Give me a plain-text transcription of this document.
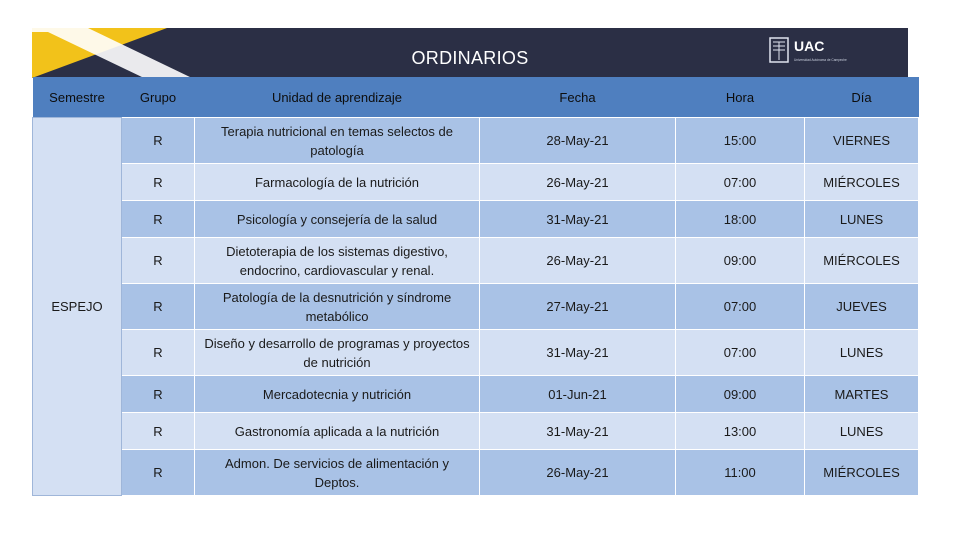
ORDINARIOS
UAC
Universidad Autónoma de Campeche
Semestre	Grupo	Unidad de aprendizaje	Fecha	Hora	Día
ESPEJO	R	Terapia nutricional en temas selectos de patología	28-May-21	15:00	VIERNES
	R	Farmacología de la nutrición	26-May-21	07:00	MIÉRCOLES
	R	Psicología y consejería de la salud	31-May-21	18:00	LUNES
	R	Dietoterapia de los sistemas digestivo, endocrino, cardiovascular y renal.	26-May-21	09:00	MIÉRCOLES
	R	Patología de la desnutrición y síndrome metabólico	27-May-21	07:00	JUEVES
	R	Diseño y desarrollo de programas y proyectos de nutrición	31-May-21	07:00	LUNES
	R	Mercadotecnia y nutrición	01-Jun-21	09:00	MARTES
	R	Gastronomía aplicada a la nutrición	31-May-21	13:00	LUNES
	R	Admon. De servicios de alimentación y Deptos.	26-May-21	11:00	MIÉRCOLES
